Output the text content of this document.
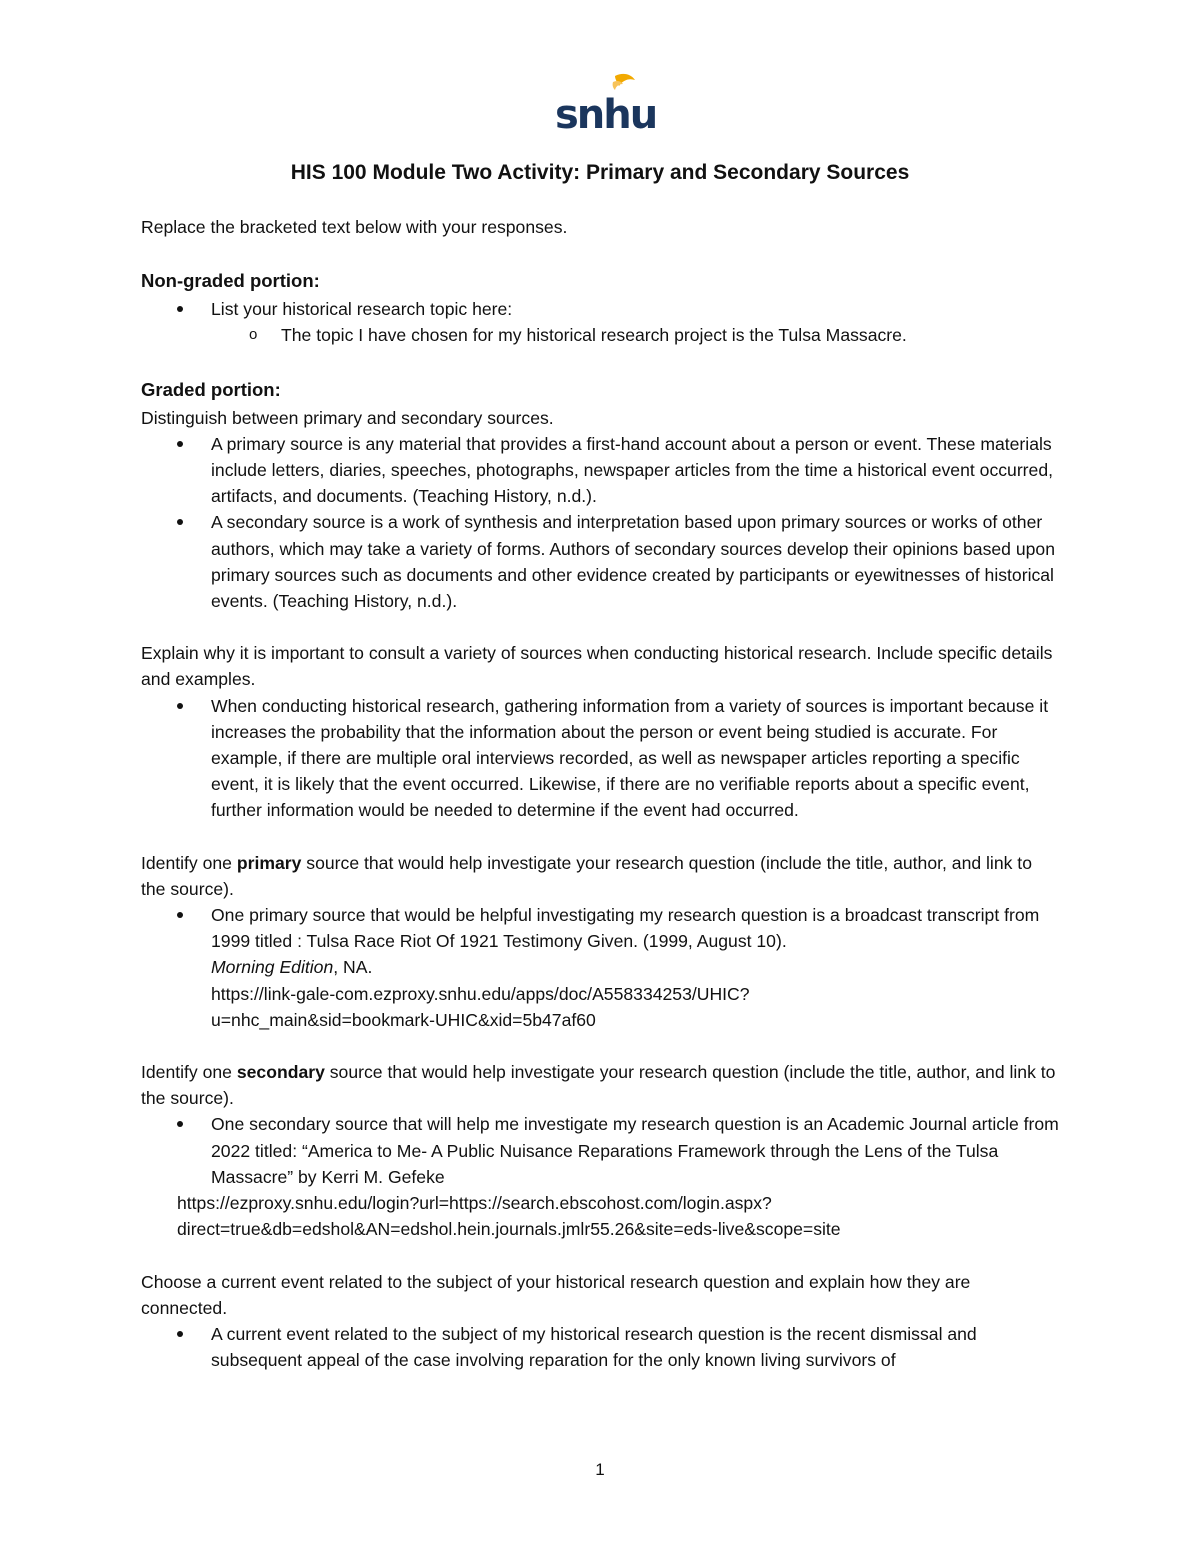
snhu
HIS 100 Module Two Activity: Primary and Secondary Sources

Replace the bracketed text below with your responses.

Non-graded portion:

List your historical research topic here:
o The topic I have chosen for my historical research project is the Tulsa Massacre.

Graded portion:

Distinguish between primary and secondary sources.

A primary source is any material that provides a first-hand account about a person or event. These materials include letters, diaries, speeches, photographs, newspaper articles from the time a historical event occurred, artifacts, and documents. (Teaching History, n.d.).
A secondary source is a work of synthesis and interpretation based upon primary sources or works of other authors, which may take a variety of forms. Authors of secondary sources develop their opinions based upon primary sources such as documents and other evidence created by participants or eyewitnesses of historical events. (Teaching History, n.d.).

Explain why it is important to consult a variety of sources when conducting historical research. Include specific details and examples.

When conducting historical research, gathering information from a variety of sources is important because it increases the probability that the information about the person or event being studied is accurate. For example, if there are multiple oral interviews recorded, as well as newspaper articles reporting a specific event, it is likely that the event occurred. Likewise, if there are no verifiable reports about a specific event, further information would be needed to determine if the event had occurred.

Identify one primary source that would help investigate your research question (include the title, author, and link to the source).

One primary source that would be helpful investigating my research question is a broadcast transcript from 1999 titled : Tulsa Race Riot Of 1921 Testimony Given. (1999, August 10).
Morning Edition, NA.
https://link-gale-com.ezproxy.snhu.edu/apps/doc/A558334253/UHIC?
u=nhc_main&sid=bookmark-UHIC&xid=5b47af60

Identify one secondary source that would help investigate your research question (include the title, author, and link to the source).

One secondary source that will help me investigate my research question is an Academic Journal article from 2022 titled: “America to Me- A Public Nuisance Reparations Framework through the Lens of the Tulsa Massacre” by Kerri M. Gefeke

https://ezproxy.snhu.edu/login?url=https://search.ebscohost.com/login.aspx?

direct=true&db=edshol&AN=edshol.hein.journals.jmlr55.26&site=eds-live&scope=site

Choose a current event related to the subject of your historical research question and explain how they are connected.

A current event related to the subject of my historical research question is the recent dismissal and subsequent appeal of the case involving reparation for the only known living survivors of
1
